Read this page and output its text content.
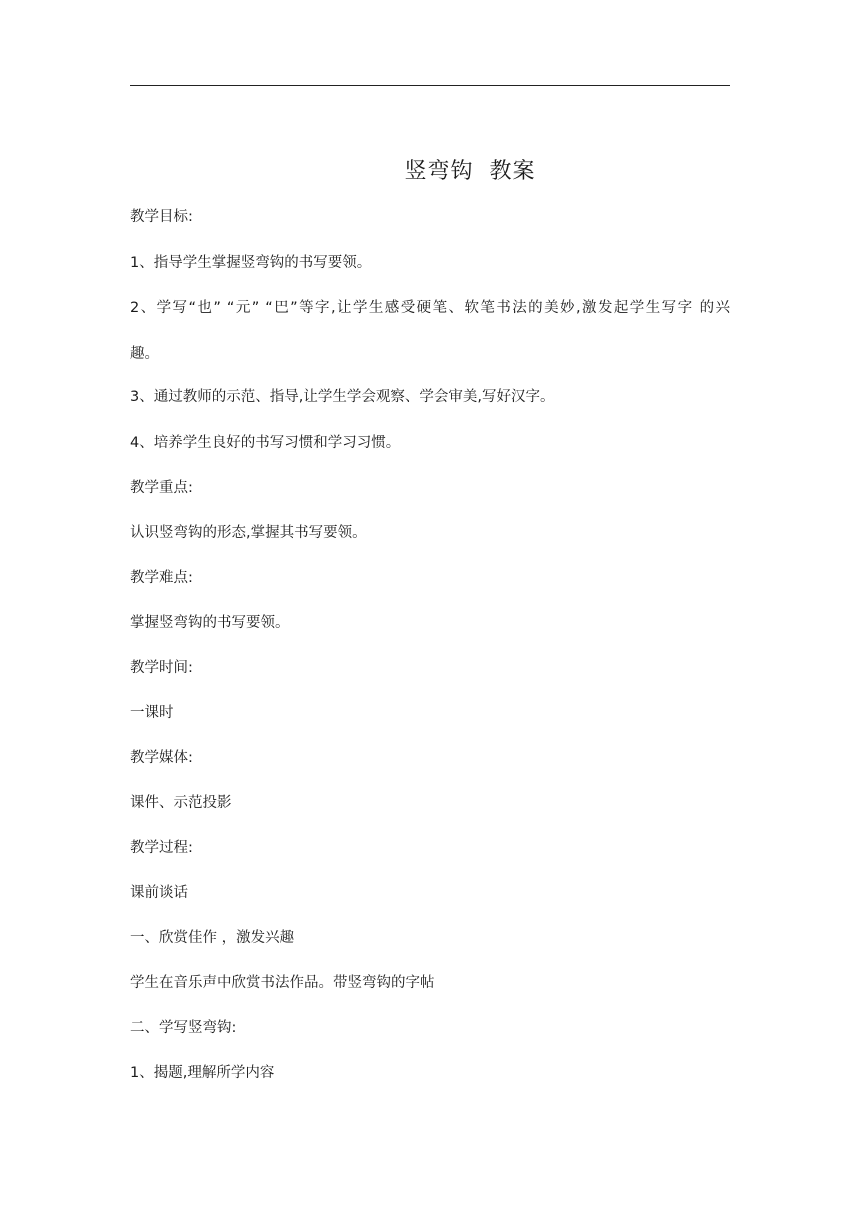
竖弯钩  教案
教学目标:
1、指导学生掌握竖弯钩的书写要领。
2、学写“也” “元” “巴”等字,让学生感受硬笔、软笔书法的美妙,激发起学生写字 的兴
趣。
3、通过教师的示范、指导,让学生学会观察、学会审美,写好汉字。
4、培养学生良好的书写习惯和学习习惯。
教学重点:
认识竖弯钩的形态,掌握其书写要领。
教学难点:
掌握竖弯钩的书写要领。
教学时间:
一课时
教学媒体:
课件、示范投影
教学过程:
课前谈话
一、欣赏佳作 ，激发兴趣
学生在音乐声中欣赏书法作品。带竖弯钩的字帖
二、学写竖弯钩:
1、揭题,理解所学内容
